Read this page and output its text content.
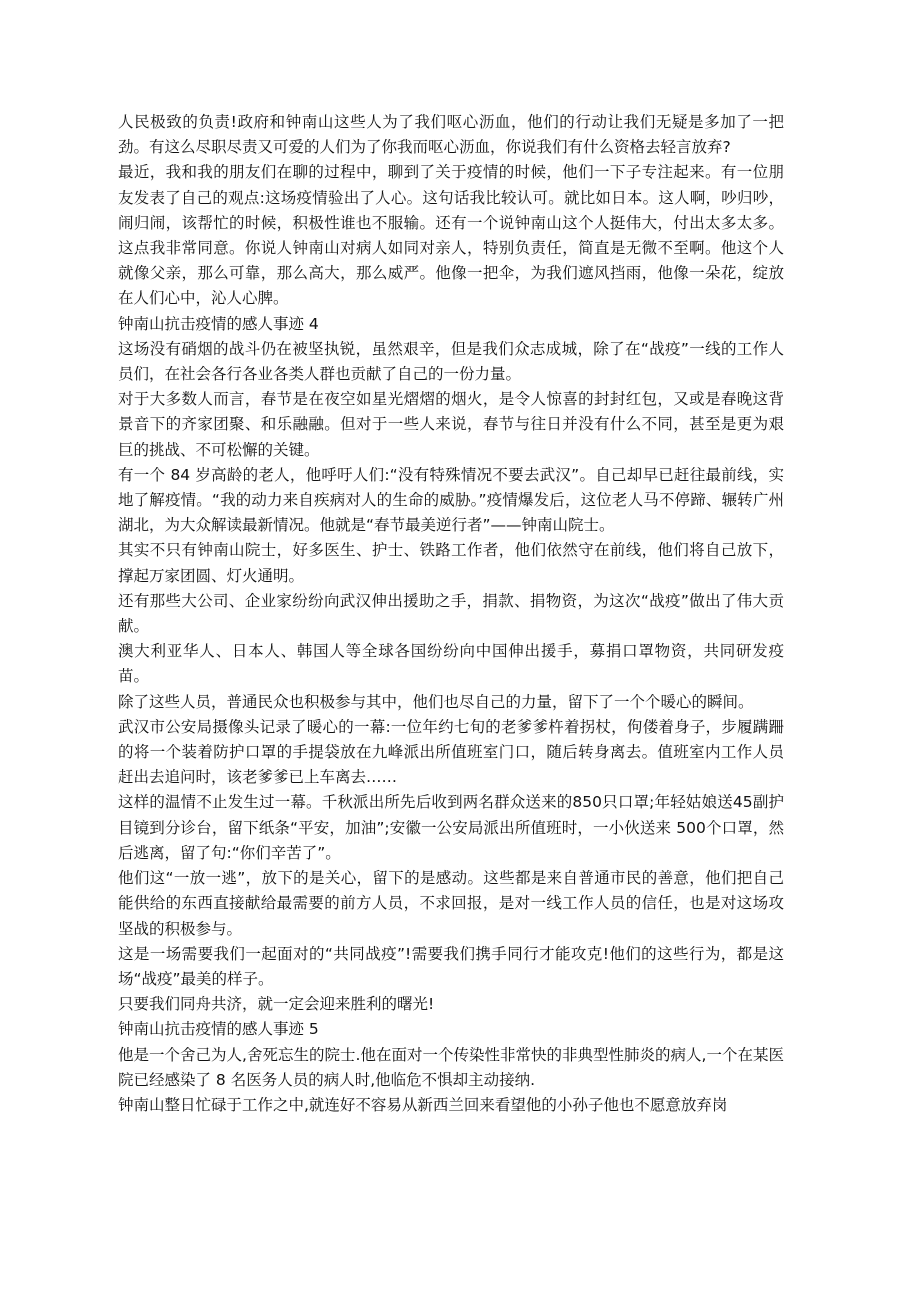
人民极致的负责!政府和钟南山这些人为了我们呕心沥血，他们的行动让我们无疑是多加了一把劲。有这么尽职尽责又可爱的人们为了你我而呕心沥血，你说我们有什么资格去轻言放弃?

最近，我和我的朋友们在聊的过程中，聊到了关于疫情的时候，他们一下子专注起来。有一位朋友发表了自己的观点:这场疫情验出了人心。这句话我比较认可。就比如日本。这人啊，吵归吵，闹归闹，该帮忙的时候，积极性谁也不服输。还有一个说钟南山这个人挺伟大，付出太多太多。这点我非常同意。你说人钟南山对病人如同对亲人，特别负责任，简直是无微不至啊。他这个人就像父亲，那么可靠，那么高大，那么威严。他像一把伞，为我们遮风挡雨，他像一朵花，绽放在人们心中，沁人心脾。

钟南山抗击疫情的感人事迹 4

这场没有硝烟的战斗仍在被坚执锐，虽然艰辛，但是我们众志成城，除了在“战疫”一线的工作人员们，在社会各行各业各类人群也贡献了自己的一份力量。

对于大多数人而言，春节是在夜空如星光熠熠的烟火，是令人惊喜的封封红包，又或是春晚这背景音下的齐家团聚、和乐融融。但对于一些人来说，春节与往日并没有什么不同，甚至是更为艰巨的挑战、不可松懈的关键。

有一个 84 岁高龄的老人，他呼吁人们:“没有特殊情况不要去武汉”。自己却早已赶往最前线，实地了解疫情。“我的动力来自疾病对人的生命的威胁。”疫情爆发后，这位老人马不停蹄、辗转广州湖北，为大众解读最新情况。他就是“春节最美逆行者”——钟南山院士。

其实不只有钟南山院士，好多医生、护士、铁路工作者，他们依然守在前线，他们将自己放下，撑起万家团圆、灯火通明。

还有那些大公司、企业家纷纷向武汉伸出援助之手，捐款、捐物资，为这次“战疫”做出了伟大贡献。

澳大利亚华人、日本人、韩国人等全球各国纷纷向中国伸出援手，募捐口罩物资，共同研发疫苗。

除了这些人员，普通民众也积极参与其中，他们也尽自己的力量，留下了一个个暖心的瞬间。

武汉市公安局摄像头记录了暖心的一幕:一位年约七旬的老爹爹杵着拐杖，佝偻着身子，步履蹒跚的将一个装着防护口罩的手提袋放在九峰派出所值班室门口，随后转身离去。值班室内工作人员赶出去追问时，该老爹爹已上车离去……

这样的温情不止发生过一幕。千秋派出所先后收到两名群众送来的850只口罩;年轻姑娘送45副护目镜到分诊台，留下纸条“平安，加油”;安徽一公安局派出所值班时，一小伙送来 500个口罩，然后逃离，留了句:“你们辛苦了”。

他们这“一放一逃”，放下的是关心，留下的是感动。这些都是来自普通市民的善意，他们把自己能供给的东西直接献给最需要的前方人员，不求回报，是对一线工作人员的信任，也是对这场攻坚战的积极参与。

这是一场需要我们一起面对的“共同战疫”!需要我们携手同行才能攻克!他们的这些行为，都是这场“战疫”最美的样子。

只要我们同舟共济，就一定会迎来胜利的曙光!

钟南山抗击疫情的感人事迹 5

他是一个舍己为人,舍死忘生的院士.他在面对一个传染性非常快的非典型性肺炎的病人,一个在某医院已经感染了 8 名医务人员的病人时,他临危不惧却主动接纳.

钟南山整日忙碌于工作之中,就连好不容易从新西兰回来看望他的小孙子他也不愿意放弃岗
